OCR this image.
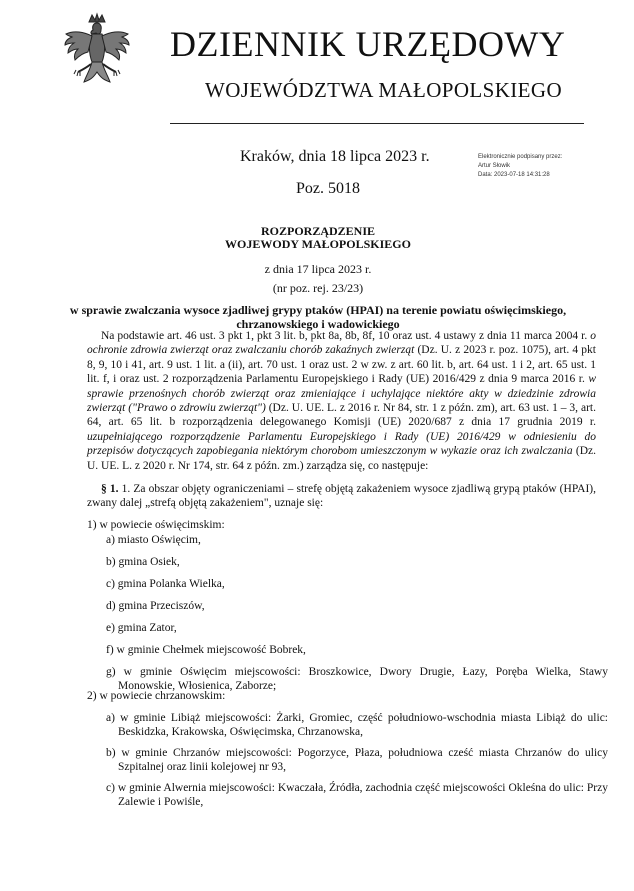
DZIENNIK URZĘDOWY
WOJEWÓDZTWA MAŁOPOLSKIEGO
Kraków, dnia 18 lipca 2023 r.
Poz. 5018
Elektronicznie podpisany przez:
Artur Słowik
Data: 2023-07-18 14:31:28
ROZPORZĄDZENIE
WOJEWODY MAŁOPOLSKIEGO
z dnia 17 lipca 2023 r.
(nr poz. rej. 23/23)
w sprawie zwalczania wysoce zjadliwej grypy ptaków (HPAI) na terenie powiatu oświęcimskiego,
chrzanowskiego i wadowickiego

Na podstawie art. 46 ust. 3 pkt 1, pkt 3 lit. b, pkt 8a, 8b, 8f, 10 oraz ust. 4 ustawy z dnia 11 marca 2004 r. o ochronie zdrowia zwierząt oraz zwalczaniu chorób zakaźnych zwierząt (Dz. U. z 2023 r. poz. 1075), art. 4 pkt 8, 9, 10 i 41, art. 9 ust. 1 lit. a (ii), art. 70 ust. 1 oraz ust. 2 w zw. z art. 60 lit. b, art. 64 ust. 1 i 2, art. 65 ust. 1 lit. f, i oraz ust. 2 rozporządzenia Parlamentu Europejskiego i Rady (UE) 2016/429 z dnia 9 marca 2016 r. w sprawie przenośnych chorób zwierząt oraz zmieniające i uchylające niektóre akty w dziedzinie zdrowia zwierząt ("Prawo o zdrowiu zwierząt") (Dz. U. UE. L. z 2016 r. Nr 84, str. 1 z późn. zm), art. 63 ust. 1 – 3, art. 64, art. 65 lit. b rozporządzenia delegowanego Komisji (UE) 2020/687 z dnia 17 grudnia 2019 r. uzupełniającego rozporządzenie Parlamentu Europejskiego i Rady (UE) 2016/429 w odniesieniu do przepisów dotyczących zapobiegania niektórym chorobom umieszczonym w wykazie oraz ich zwalczania (Dz. U. UE. L. z 2020 r. Nr 174, str. 64 z późn. zm.) zarządza się, co następuje:

§ 1. 1. Za obszar objęty ograniczeniami – strefę objętą zakażeniem wysoce zjadliwą grypą ptaków (HPAI), zwany dalej „strefą objętą zakażeniem", uznaje się:

1) w powiecie oświęcimskim:

a) miasto Oświęcim,

b) gmina Osiek,

c) gmina Polanka Wielka,

d) gmina Przeciszów,

e) gmina Zator,

f) w gminie Chełmek miejscowość Bobrek,

g) w gminie Oświęcim miejscowości: Broszkowice, Dwory Drugie, Łazy, Poręba Wielka, Stawy Monowskie, Włosienica, Zaborze;

2) w powiecie chrzanowskim:

a) w gminie Libiąż miejscowości: Żarki, Gromiec, część południowo-wschodnia miasta Libiąż do ulic: Beskidzka, Krakowska, Oświęcimska, Chrzanowska,

b) w gminie Chrzanów miejscowości: Pogorzyce, Płaza, południowa cześć miasta Chrzanów do ulicy Szpitalnej oraz linii kolejowej nr 93,

c) w gminie Alwernia miejscowości: Kwaczała, Źródła, zachodnia część miejscowości Okleśna do ulic: Przy Zalewie i Powiśle,
